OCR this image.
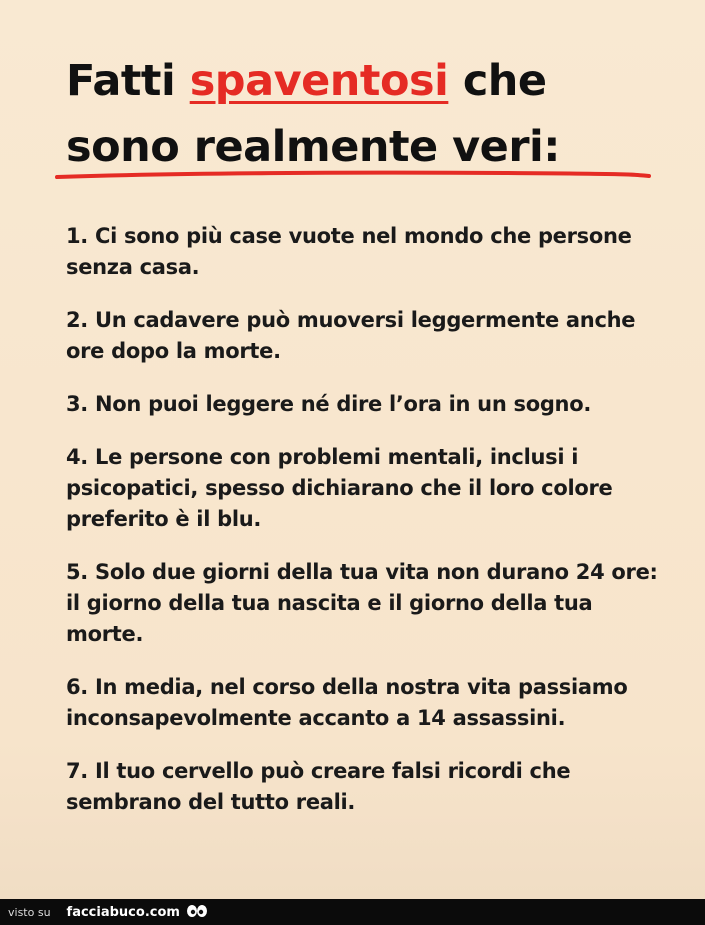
Fatti spaventosi che
sono realmente veri:
1. Ci sono più case vuote nel mondo che persone senza casa.
2. Un cadavere può muoversi leggermente anche ore dopo la morte.
3. Non puoi leggere né dire l’ora in un sogno.
4. Le persone con problemi mentali, inclusi i psicopatici, spesso dichiarano che il loro colore preferito è il blu.
5. Solo due giorni della tua vita non durano 24 ore: il giorno della tua nascita e il giorno della tua morte.
6. In media, nel corso della nostra vita passiamo inconsapevolmente accanto a 14 assassini.
7. Il tuo cervello può creare falsi ricordi che sembrano del tutto reali.
visto su facciabuco.com
